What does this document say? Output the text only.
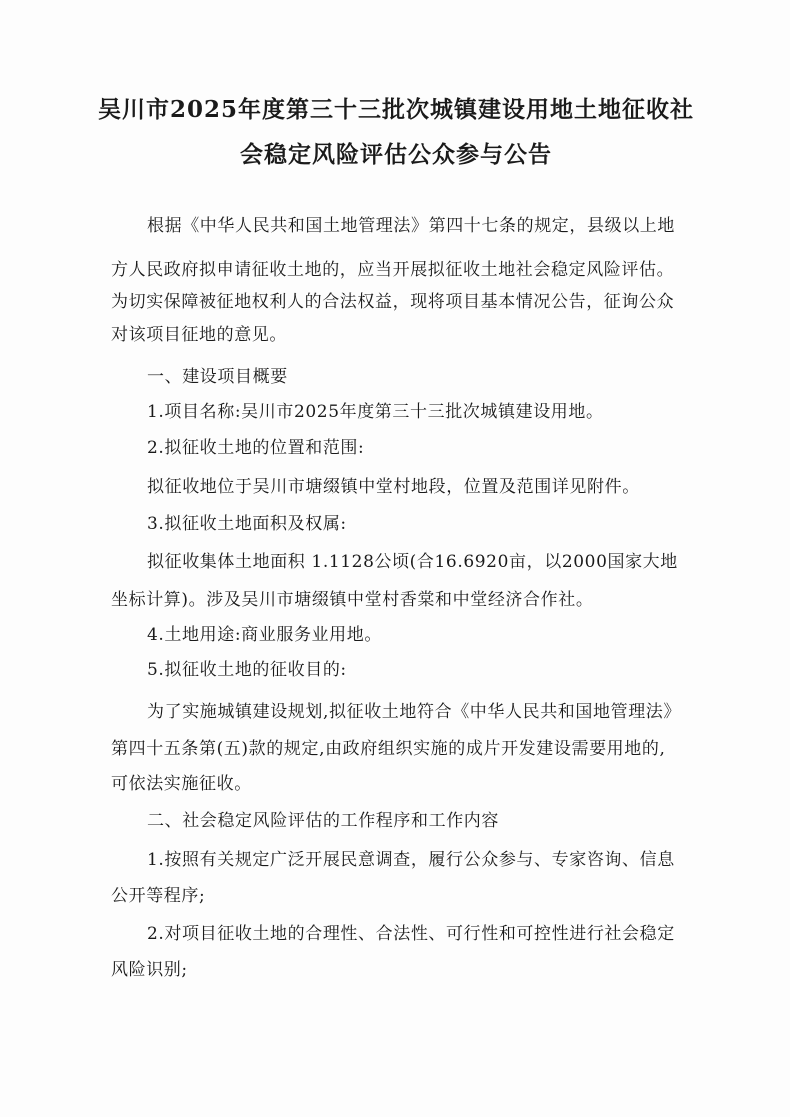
吴川市2025年度第三十三批次城镇建设用地土地征收社
会稳定风险评估公众参与公告
根据《中华人民共和国土地管理法》第四十七条的规定，县级以上地
方人民政府拟申请征收土地的，应当开展拟征收土地社会稳定风险评估。
为切实保障被征地权利人的合法权益，现将项目基本情况公告，征询公众
对该项目征地的意见。
一、建设项目概要
1.项目名称:吴川市2025年度第三十三批次城镇建设用地。
2.拟征收土地的位置和范围:
拟征收地位于吴川市塘缀镇中堂村地段，位置及范围详见附件。
3.拟征收土地面积及权属:
拟征收集体土地面积 1.1128公顷(合16.6920亩，以2000国家大地
坐标计算)。涉及吴川市塘缀镇中堂村香棠和中堂经济合作社。
4.土地用途:商业服务业用地。
5.拟征收土地的征收目的:
为了实施城镇建设规划,拟征收土地符合《中华人民共和国地管理法》
第四十五条第(五)款的规定,由政府组织实施的成片开发建设需要用地的,
可依法实施征收。
二、社会稳定风险评估的工作程序和工作内容
1.按照有关规定广泛开展民意调查，履行公众参与、专家咨询、信息
公开等程序;
2.对项目征收土地的合理性、合法性、可行性和可控性进行社会稳定
风险识别;
